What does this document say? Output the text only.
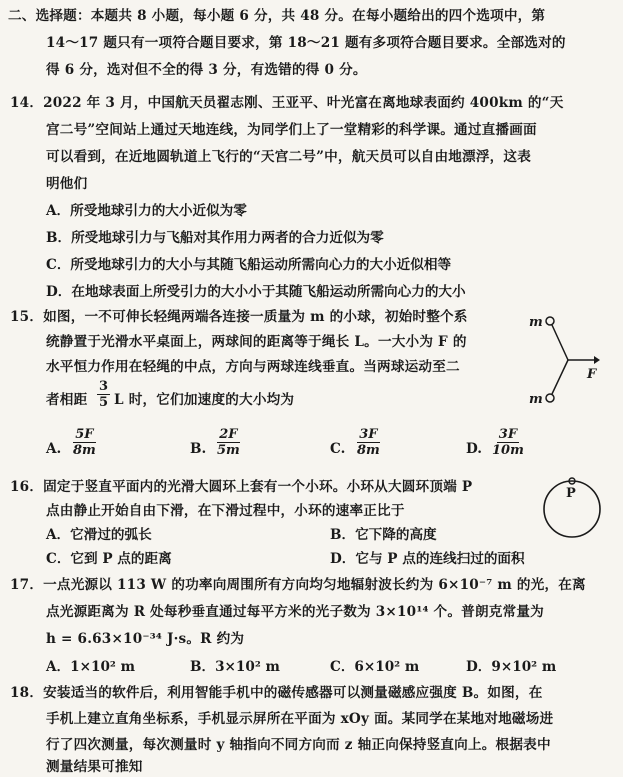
二、选择题：本题共 8 小题，每小题 6 分，共 48 分。在每小题给出的四个选项中，第
14～17 题只有一项符合题目要求，第 18～21 题有多项符合题目要求。全部选对的
得 6 分，选对但不全的得 3 分，有选错的得 0 分。
14．2022 年 3 月，中国航天员翟志刚、王亚平、叶光富在离地球表面约 400km 的“天
宫二号”空间站上通过天地连线，为同学们上了一堂精彩的科学课。通过直播画面
可以看到，在近地圆轨道上飞行的“天宫二号”中，航天员可以自由地漂浮，这表
明他们
A．所受地球引力的大小近似为零
B．所受地球引力与飞船对其作用力两者的合力近似为零
C．所受地球引力的大小与其随飞船运动所需向心力的大小近似相等
D．在地球表面上所受引力的大小小于其随飞船运动所需向心力的大小
15．如图，一不可伸长轻绳两端各连接一质量为 m 的小球，初始时整个系
统静置于光滑水平桌面上，两球间的距离等于绳长 L。一大小为 F 的
水平恒力作用在轻绳的中点，方向与两球连线垂直。当两球运动至二
者相距 $\frac{3}{5}$ L 时，它们加速度的大小均为
m
m
F
A. $\frac{5F}{8m}$	B. $\frac{2F}{5m}$	C. $\frac{3F}{8m}$	D. $\frac{3F}{10m}$
16．固定于竖直平面内的光滑大圆环上套有一个小环。小环从大圆环顶端 P
点由静止开始自由下滑，在下滑过程中，小环的速率正比于
A．它滑过的弧长	B．它下降的高度
C．它到 P 点的距离	D．它与 P 点的连线扫过的面积
P
17．一点光源以 113 W 的功率向周围所有方向均匀地辐射波长约为 6×10⁻⁷ m 的光，在离
点光源距离为 R 处每秒垂直通过每平方米的光子数为 3×10¹⁴ 个。普朗克常量为
h = 6.63×10⁻³⁴ J·s。R 约为
A．1×10² m	B．3×10² m	C．6×10² m	D．9×10² m
18．安装适当的软件后，利用智能手机中的磁传感器可以测量磁感应强度 B。如图，在
手机上建立直角坐标系，手机显示屏所在平面为 xOy 面。某同学在某地对地磁场进
行了四次测量，每次测量时 y 轴指向不同方向而 z 轴正向保持竖直向上。根据表中
测量结果可推知
